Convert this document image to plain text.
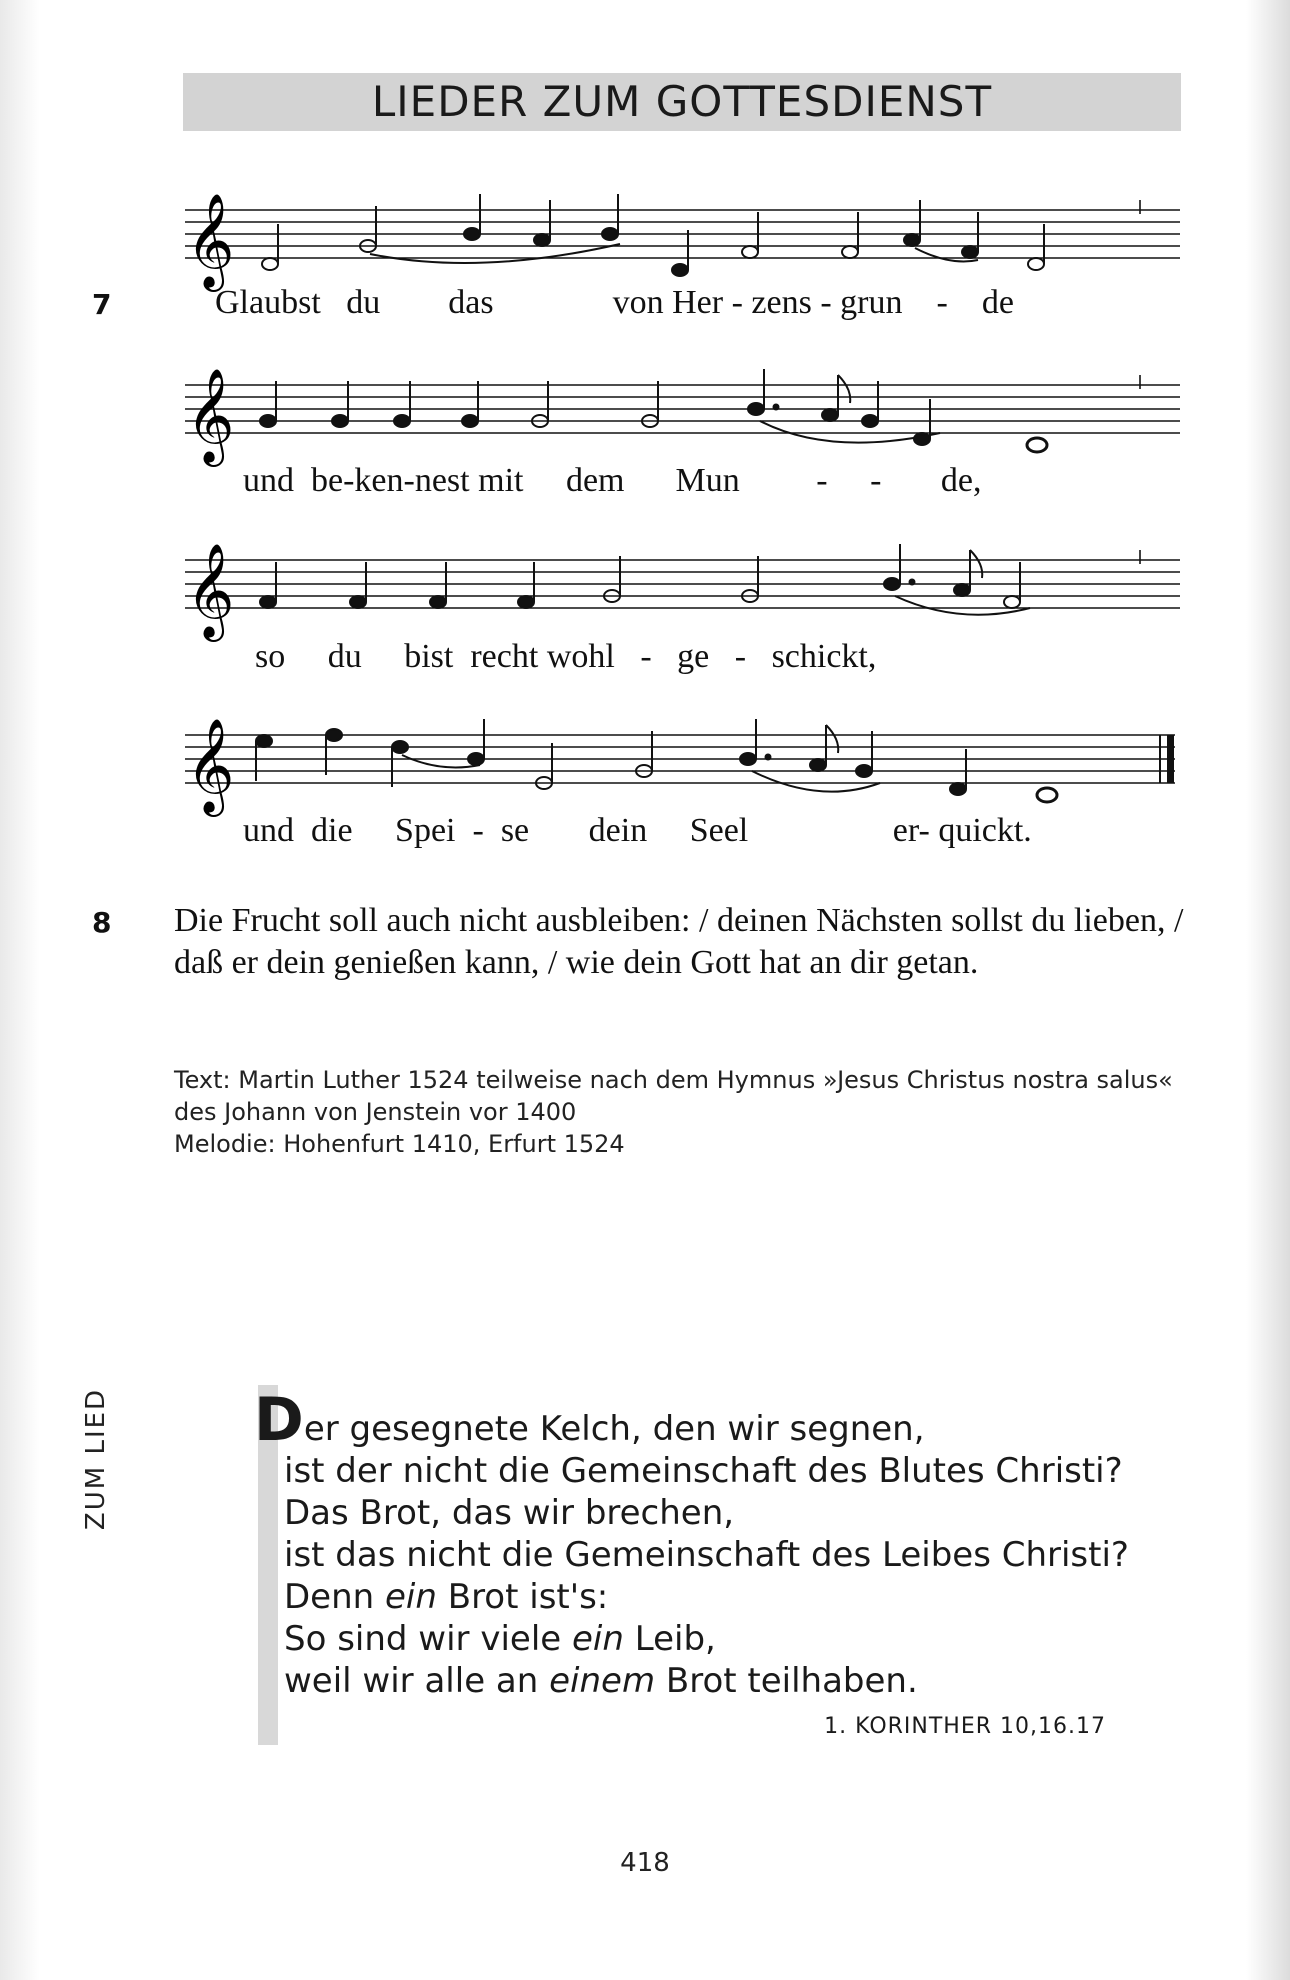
LIEDER ZUM GOTTESDIENST
7
𝄞
Glaubst du das	von Her - zens - grun - de
𝄞
und be-ken-nest mit dem Mun - - de,
𝄞
so du bist recht wohl - ge - schickt,
𝄞
und die Spei - se dein Seel	er- quickt.
8 Die Frucht soll auch nicht ausbleiben: / deinen Nächsten sollst du lieben, / daß er dein genießen kann, / wie dein Gott hat an dir getan.
Text: Martin Luther 1524 teilweise nach dem Hymnus »Jesus Christus nostra salus«
des Johann von Jenstein vor 1400
Melodie: Hohenfurt 1410, Erfurt 1524
ZUM LIED Der gesegnete Kelch, den wir segnen,
ist der nicht die Gemeinschaft des Blutes Christi?
Das Brot, das wir brechen,
ist das nicht die Gemeinschaft des Leibes Christi?
Denn ein Brot ist's:
So sind wir viele ein Leib,
weil wir alle an einem Brot teilhaben.
1. KORINTHER 10,16.17
418
